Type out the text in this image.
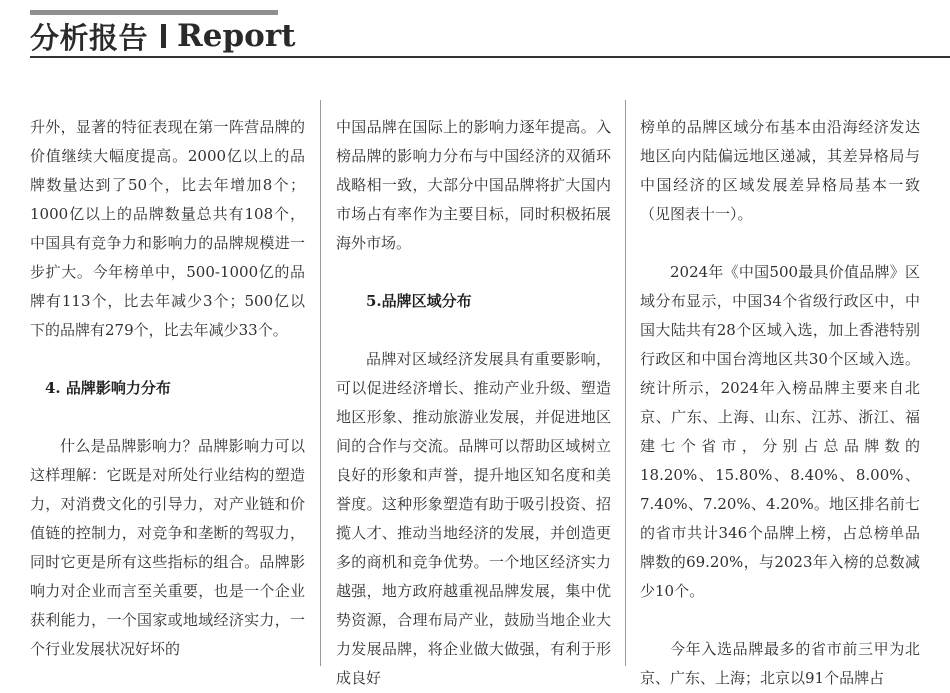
分析报告 Report

升外，显著的特征表现在第一阵营品牌的价值继续大幅度提高。2000亿以上的品牌数量达到了50个，比去年增加8个；1000亿以上的品牌数量总共有108个，中国具有竞争力和影响力的品牌规模进一步扩大。今年榜单中，500-1000亿的品牌有113个，比去年减少3个；500亿以下的品牌有279个，比去年减少33个。

4. 品牌影响力分布

什么是品牌影响力？品牌影响力可以这样理解：它既是对所处行业结构的塑造力，对消费文化的引导力，对产业链和价值链的控制力，对竞争和垄断的驾驭力，同时它更是所有这些指标的组合。品牌影响力对企业而言至关重要，也是一个企业获利能力，一个国家或地域经济实力，一个行业发展状况好坏的

中国品牌在国际上的影响力逐年提高。入榜品牌的影响力分布与中国经济的双循环战略相一致，大部分中国品牌将扩大国内市场占有率作为主要目标，同时积极拓展海外市场。

5.品牌区域分布

品牌对区域经济发展具有重要影响，可以促进经济增长、推动产业升级、塑造地区形象、推动旅游业发展，并促进地区间的合作与交流。品牌可以帮助区域树立良好的形象和声誉，提升地区知名度和美誉度。这种形象塑造有助于吸引投资、招揽人才、推动当地经济的发展，并创造更多的商机和竞争优势。一个地区经济实力越强，地方政府越重视品牌发展，集中优势资源，合理布局产业，鼓励当地企业大力发展品牌，将企业做大做强，有利于形成良好

榜单的品牌区域分布基本由沿海经济发达地区向内陆偏远地区递减，其差异格局与中国经济的区域发展差异格局基本一致（见图表十一）。

2024年《中国500最具价值品牌》区域分布显示，中国34个省级行政区中，中国大陆共有28个区域入选，加上香港特别行政区和中国台湾地区共30个区域入选。统计所示，2024年入榜品牌主要来自北京、广东、上海、山东、江苏、浙江、福建七个省市，分别占总品牌数的18.20%、15.80%、8.40%、8.00%、7.40%、7.20%、4.20%。地区排名前七的省市共计346个品牌上榜，占总榜单品牌数的69.20%，与2023年入榜的总数减少10个。

今年入选品牌最多的省市前三甲为北京、广东、上海；北京以91个品牌占
